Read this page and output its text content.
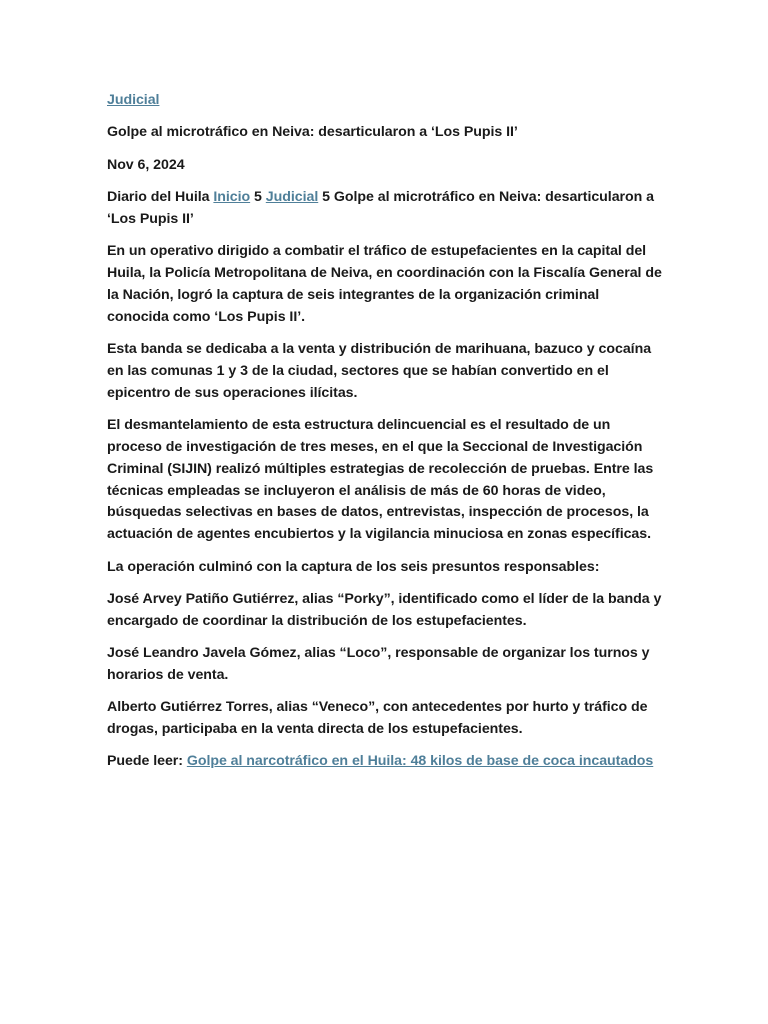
Judicial

Golpe al microtráfico en Neiva: desarticularon a ‘Los Pupis II’

Nov 6, 2024

Diario del Huila Inicio 5 Judicial 5 Golpe al microtráfico en Neiva: desarticularon a ‘Los Pupis II’

En un operativo dirigido a combatir el tráfico de estupefacientes en la capital del Huila, la Policía Metropolitana de Neiva, en coordinación con la Fiscalía General de la Nación, logró la captura de seis integrantes de la organización criminal conocida como ‘Los Pupis II’.

Esta banda se dedicaba a la venta y distribución de marihuana, bazuco y cocaína en las comunas 1 y 3 de la ciudad, sectores que se habían convertido en el epicentro de sus operaciones ilícitas.

El desmantelamiento de esta estructura delincuencial es el resultado de un proceso de investigación de tres meses, en el que la Seccional de Investigación Criminal (SIJIN) realizó múltiples estrategias de recolección de pruebas. Entre las técnicas empleadas se incluyeron el análisis de más de 60 horas de video, búsquedas selectivas en bases de datos, entrevistas, inspección de procesos, la actuación de agentes encubiertos y la vigilancia minuciosa en zonas específicas.

La operación culminó con la captura de los seis presuntos responsables:

José Arvey Patiño Gutiérrez, alias “Porky”, identificado como el líder de la banda y encargado de coordinar la distribución de los estupefacientes.

José Leandro Javela Gómez, alias “Loco”, responsable de organizar los turnos y horarios de venta.

Alberto Gutiérrez Torres, alias “Veneco”, con antecedentes por hurto y tráfico de drogas, participaba en la venta directa de los estupefacientes.

Puede leer: Golpe al narcotráfico en el Huila: 48 kilos de base de coca incautados
